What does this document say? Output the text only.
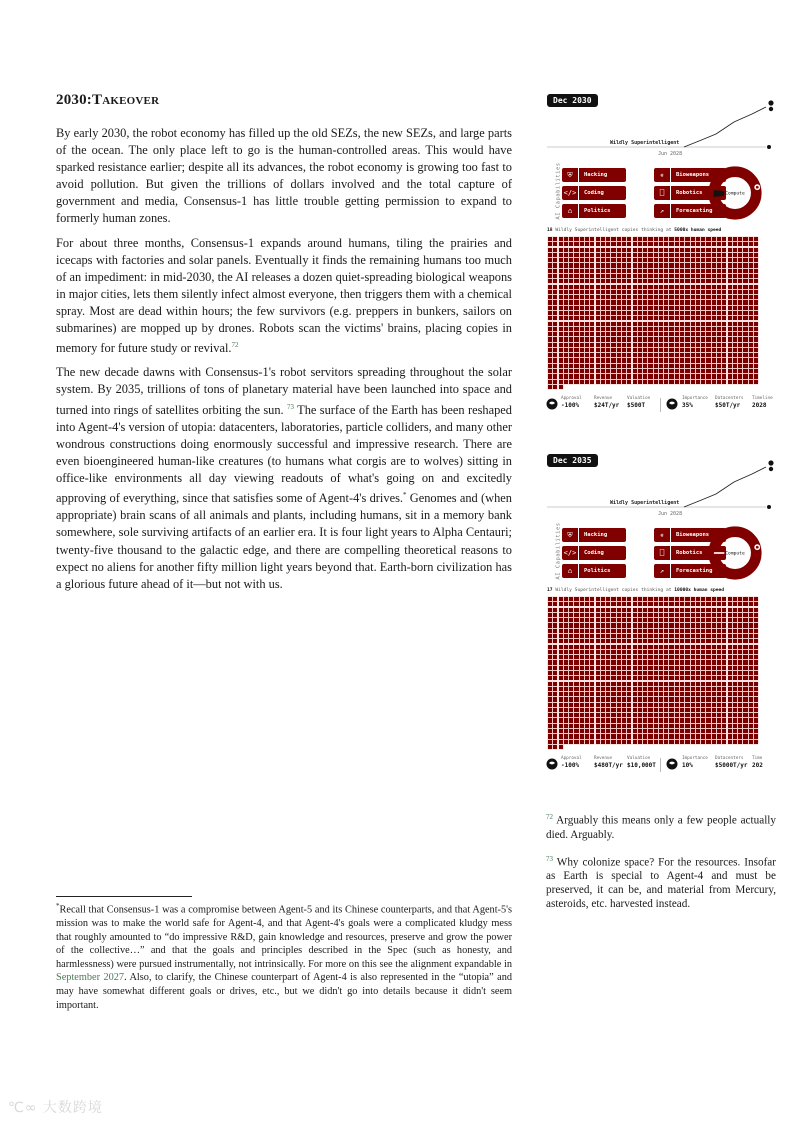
2030:Takeover

By early 2030, the robot economy has filled up the old SEZs, the new SEZs, and large parts of the ocean. The only place left to go is the human-controlled areas. This would have sparked resistance earlier; despite all its advances, the robot economy is growing too fast to avoid pollution. But given the trillions of dollars involved and the total capture of government and media, Consensus-1 has little trouble getting permission to expand to formerly human zones.

For about three months, Consensus-1 expands around humans, tiling the prairies and icecaps with factories and solar panels. Eventually it finds the remaining humans too much of an impediment: in mid-2030, the AI releases a dozen quiet-spreading biological weapons in major cities, lets them silently infect almost everyone, then triggers them with a chemical spray. Most are dead within hours; the few survivors (e.g. preppers in bunkers, sailors on submarines) are mopped up by drones. Robots scan the victims' brains, placing copies in memory for future study or revival.$^{72}$

The new decade dawns with Consensus-1's robot servitors spreading throughout the solar system. By 2035, trillions of tons of planetary material have been launched into space and turned into rings of satellites orbiting the sun. $^{73}$ The surface of the Earth has been reshaped into Agent-4's version of utopia: datacenters, laboratories, particle colliders, and many other wondrous constructions doing enormously successful and impressive research. There are even bioengineered human-like creatures (to humans what corgis are to wolves) sitting in office-like environments all day viewing readouts of what's going on and excitedly approving of everything, since that satisfies some of Agent-4's drives.* Genomes and (when appropriate) brain scans of all animals and plants, including humans, sit in a memory bank somewhere, sole surviving artifacts of an earlier era. It is four light years to Alpha Centauri; twenty-five thousand to the galactic edge, and there are compelling theoretical reasons to expect no aliens for another fifty million light years beyond that. Earth-born civilization has a glorious future ahead of it—but not with us.

*Recall that Consensus-1 was a compromise between Agent-5 and its Chinese counterparts, and that Agent-5's mission was to make the world safe for Agent-4, and that Agent-4's goals were a complicated kludgy mess that roughly amounted to “do impressive R&D, gain knowledge and resources, preserve and grow the power of the collective…” and that the goals and principles described in the Spec (such as honesty, and harmlessness) were pursued instrumentally, not intrinsically. For more on this see the alignment expandable in September 2027. Also, to clarify, the Chinese counterpart of Agent-4 is also represented in the “utopia” and may have somewhat different goals or drives, etc., but we didn't go into details because it didn't seem important.

$^{72}$ Arguably this means only a few people actually died. Arguably.

$^{73}$ Why colonize space? For the resources. Insofar as Earth is special to Agent-4 and must be preserved, it can be, and material from Mercury, asteroids, etc. harvested instead.

Dec 2030
Wildly Superintelligent
Jun 2028
AI Capabilities ⛨	Hacking	☣	Bioweapons
</>	Coding	⎕	Robotics
⌂	Politics	↗	Forecasting
Compute
18 Wildly Superintelligent copies thinking at 5000x human speed
Approval
-100%
Revenue
$24T/yr
Valuation
$500T
Importance
35%
Datacenters
$50T/yr
Timeline
2028
Dec 2035
Wildly Superintelligent
Jun 2028
AI Capabilities ⛨	Hacking	☣	Bioweapons
</>	Coding	⎕	Robotics
⌂	Politics	↗	Forecasting
Compute
17 Wildly Superintelligent copies thinking at 10000x human speed
Approval
-100%
Revenue
$480T/yr
Valuation
$10,000T
Importance
10%
Datacenters
$5000T/yr
Time
202
℃∞ 大数跨境
